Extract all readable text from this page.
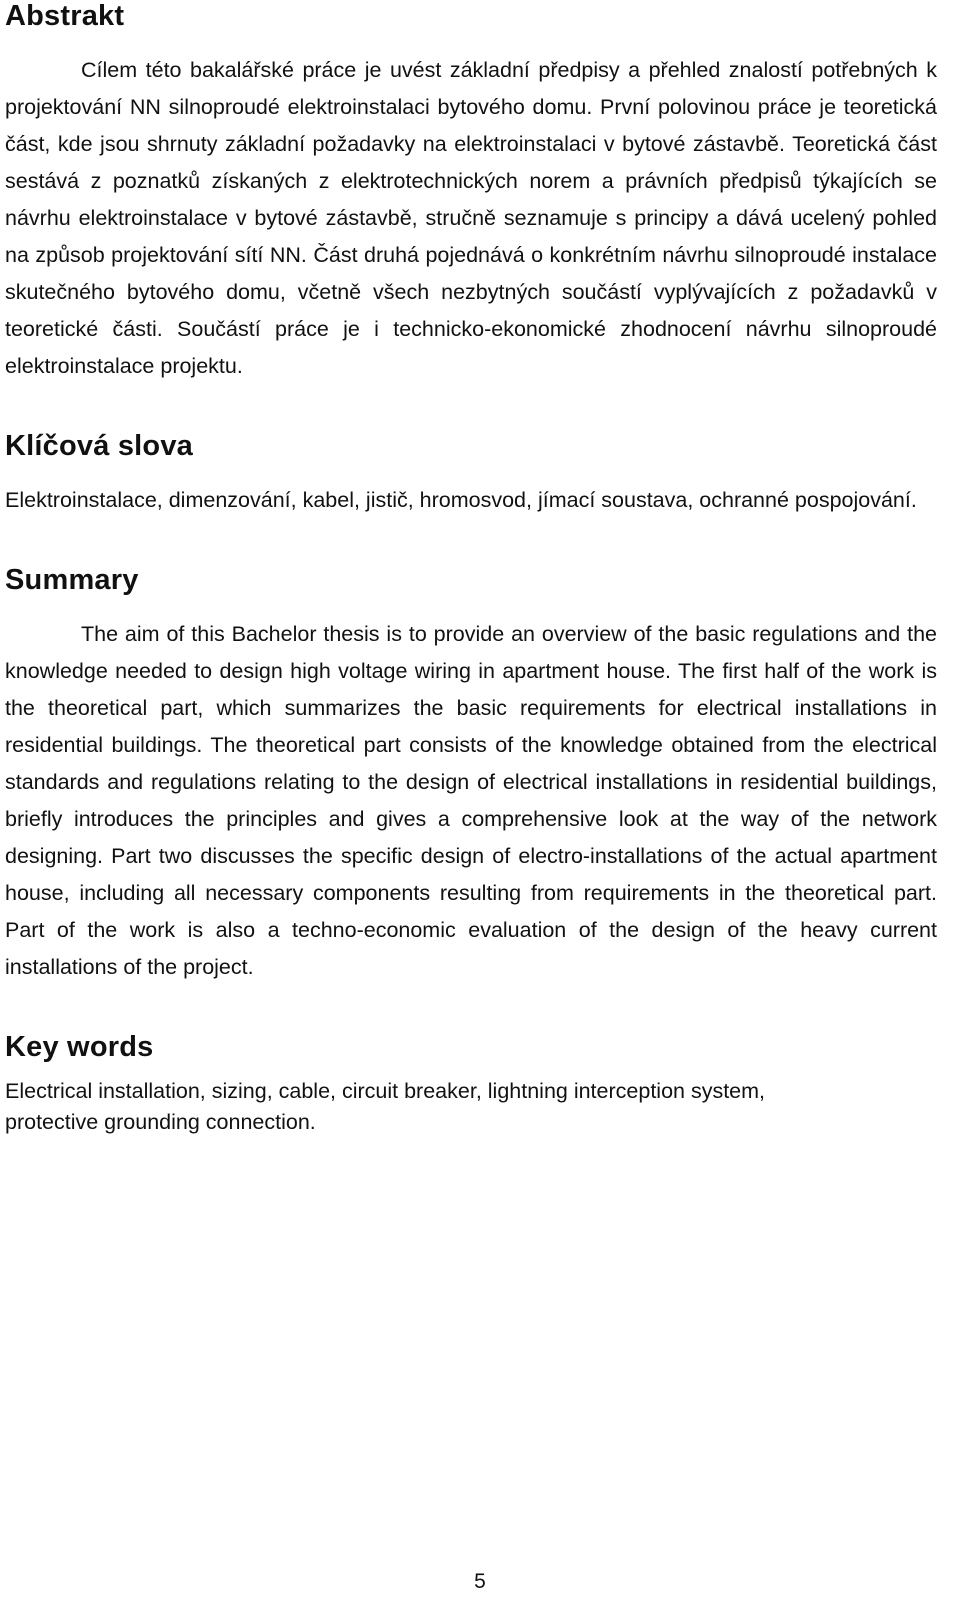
Abstrakt

Cílem této bakalářské práce je uvést základní předpisy a přehled znalostí potřebných k projektování NN silnoproudé elektroinstalaci bytového domu. První polovinou práce je teoretická část, kde jsou shrnuty základní požadavky na elektroinstalaci v bytové zástavbě. Teoretická část sestává z poznatků získaných z elektrotechnických norem a právních předpisů týkajících se návrhu elektroinstalace v bytové zástavbě, stručně seznamuje s principy a dává ucelený pohled na způsob projektování sítí NN. Část druhá pojednává o konkrétním návrhu silnoproudé instalace skutečného bytového domu, včetně všech nezbytných součástí vyplývajících z požadavků v teoretické části. Součástí práce je i technicko-ekonomické zhodnocení návrhu silnoproudé elektroinstalace projektu.

Klíčová slova

Elektroinstalace, dimenzování, kabel, jistič, hromosvod, jímací soustava, ochranné pospojování.

Summary

The aim of this Bachelor thesis is to provide an overview of the basic regulations and the knowledge needed to design high voltage wiring in apartment house. The first half of the work is the theoretical part, which summarizes the basic requirements for electrical installations in residential buildings. The theoretical part consists of the knowledge obtained from the electrical standards and regulations relating to the design of electrical installations in residential buildings, briefly introduces the principles and gives a comprehensive look at the way of the network designing. Part two discusses the specific design of electro-installations of the actual apartment house, including all necessary components resulting from requirements in the theoretical part. Part of the work is also a techno-economic evaluation of the design of the heavy current installations of the project.

Key words

Electrical installation, sizing, cable, circuit breaker, lightning interception system,
protective grounding connection.

5
